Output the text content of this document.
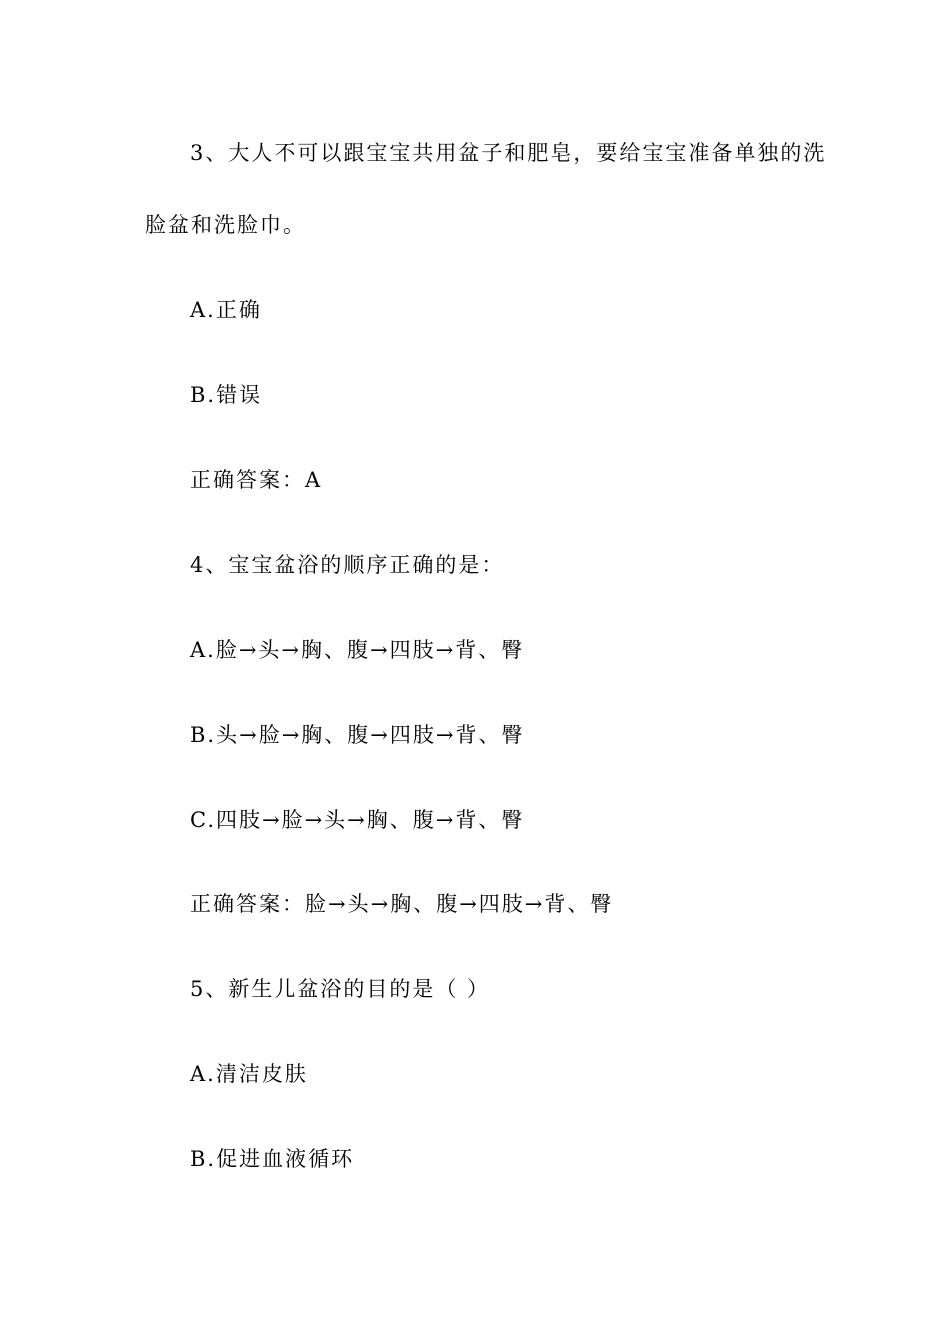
3、大人不可以跟宝宝共用盆子和肥皂，要给宝宝准备单独的洗
脸盆和洗脸巾。
A.正确
B.错误
正确答案：A
4、宝宝盆浴的顺序正确的是：
A.脸→头→胸、腹→四肢→背、臀
B.头→脸→胸、腹→四肢→背、臀
C.四肢→脸→头→胸、腹→背、臀
正确答案：脸→头→胸、腹→四肢→背、臀
5、新生儿盆浴的目的是（ ）
A.清洁皮肤
B.促进血液循环
